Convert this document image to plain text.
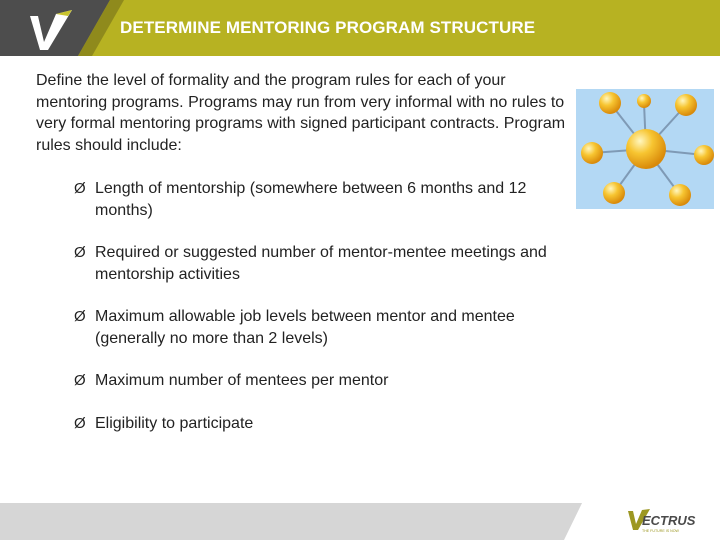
DETERMINE MENTORING PROGRAM STRUCTURE
Define the level of formality and the program rules for each of your mentoring programs. Programs may run from very informal with no rules to very formal mentoring programs with signed participant contracts. Program rules should include:
Ø Length of mentorship (somewhere between 6 months and 12 months)
Ø Required or suggested number of mentor-mentee meetings and mentorship activities
Ø Maximum allowable job levels between mentor and mentee (generally no more than 2 levels)
Ø Maximum number of mentees per mentor
Ø Eligibility to participate
ECTRUS
THE FUTURE IS NOW
